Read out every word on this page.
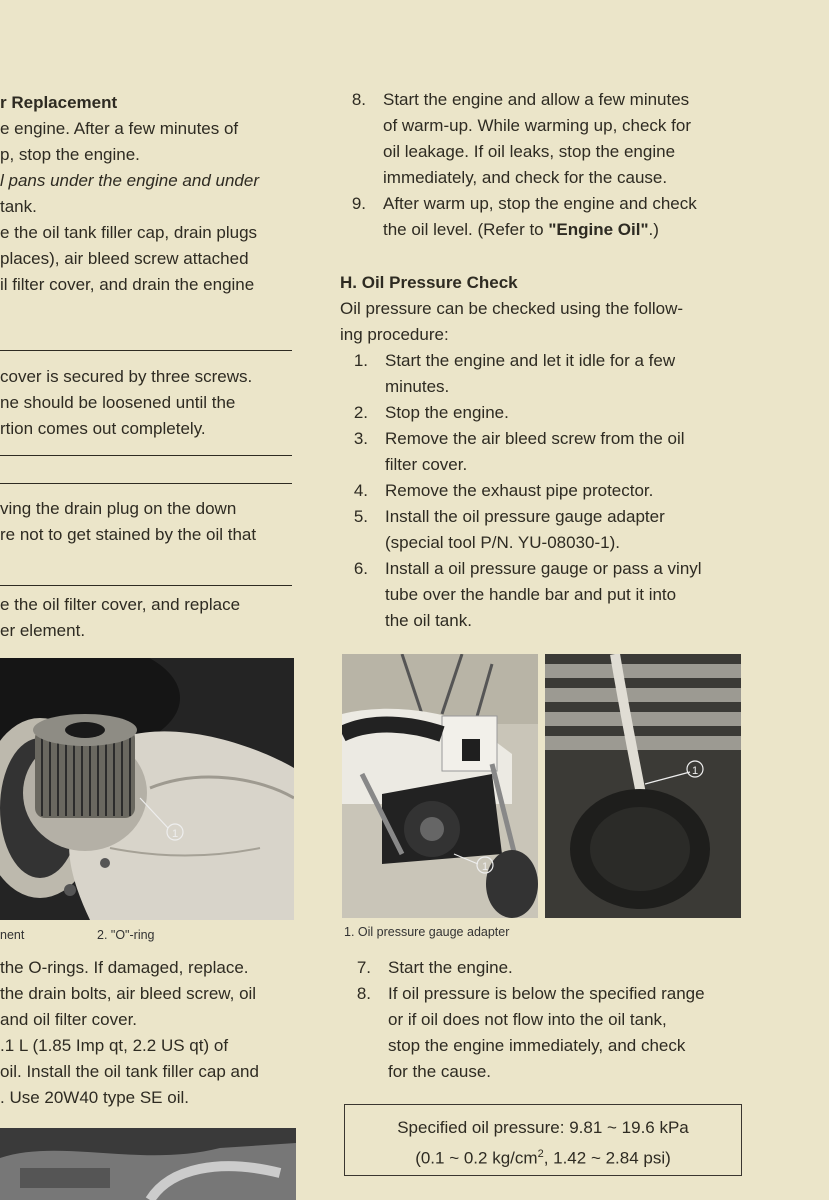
r Replacement
e engine. After a few minutes of
p, stop the engine.
l pans under the engine and under
tank.
e the oil tank filler cap, drain plugs
places), air bleed screw attached
il filter cover, and drain the engine
cover is secured by three screws.
ne should be loosened until the
rtion comes out completely.
ving the drain plug on the down
re not to get stained by the oil that
e the oil filter cover, and replace
er element.
1
nent	2. "O"-ring
the O-rings. If damaged, replace.
the drain bolts, air bleed screw, oil
and oil filter cover.
.1 L (1.85 Imp qt, 2.2 US qt) of
oil. Install the oil tank filler cap and
. Use 20W40 type SE oil.
8. Start the engine and allow a few minutes
of warm-up. While warming up, check for
oil leakage. If oil leaks, stop the engine
immediately, and check for the cause.
9. After warm up, stop the engine and check
the oil level. (Refer to "Engine Oil".)
H. Oil Pressure Check
Oil pressure can be checked using the follow-
ing procedure:
1. Start the engine and let it idle for a few
minutes.
2. Stop the engine.
3. Remove the air bleed screw from the oil
filter cover.
4. Remove the exhaust pipe protector.
5. Install the oil pressure gauge adapter
(special tool P/N. YU-08030-1).
6. Install a oil pressure gauge or pass a vinyl
tube over the handle bar and put it into
the oil tank.
1
1
1. Oil pressure gauge adapter
7. Start the engine.
8. If oil pressure is below the specified range
or if oil does not flow into the oil tank,
stop the engine immediately, and check
for the cause.
Specified oil pressure: 9.81 ~ 19.6 kPa
(0.1 ~ 0.2 $kg/cm^2$, 1.42 ~ 2.84 psi)
